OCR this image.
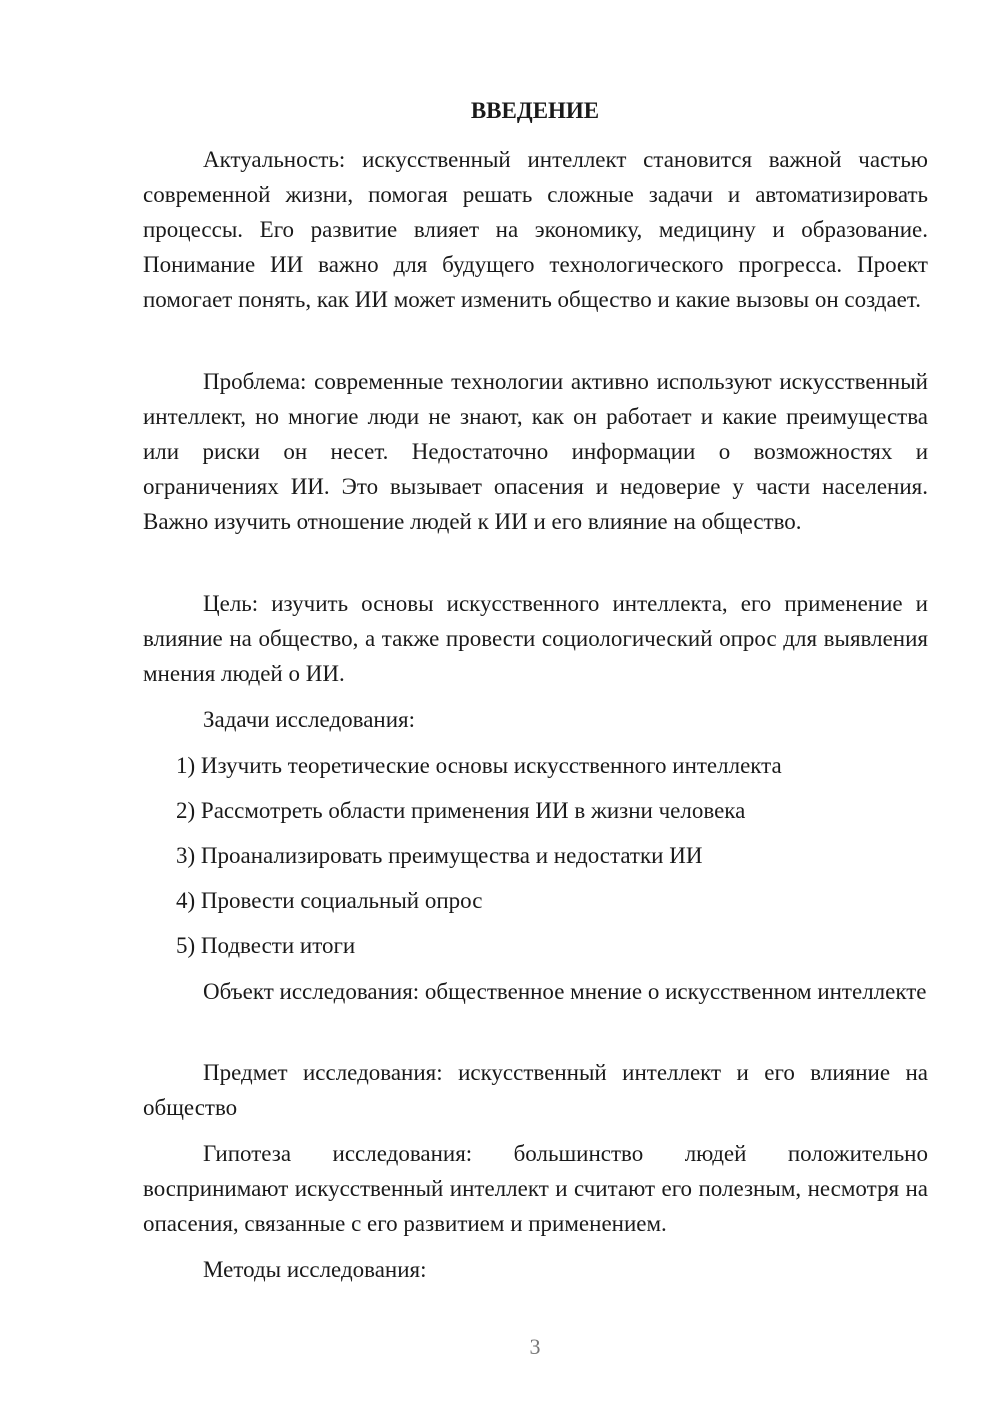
ВВЕДЕНИЕ

Актуальность: искусственный интеллект становится важной частью современной жизни, помогая решать сложные задачи и автоматизировать процессы. Его развитие влияет на экономику, медицину и образование. Понимание ИИ важно для будущего технологического прогресса. Проект помогает понять, как ИИ может изменить общество и какие вызовы он создает.

Проблема: современные технологии активно используют искусственный интеллект, но многие люди не знают, как он работает и какие преимущества или риски он несет. Недостаточно информации о возможностях и ограничениях ИИ. Это вызывает опасения и недоверие у части населения. Важно изучить отношение людей к ИИ и его влияние на общество.

Цель: изучить основы искусственного интеллекта, его применение и влияние на общество, а также провести социологический опрос для выявления мнения людей о ИИ.

Задачи исследования:

1) Изучить теоретические основы искусственного интеллекта

2) Рассмотреть области применения ИИ в жизни человека

3) Проанализировать преимущества и недостатки ИИ

4) Провести социальный опрос

5) Подвести итоги

Объект исследования: общественное мнение о искусственном интеллекте

Предмет исследования: искусственный интеллект и его влияние на общество

Гипотеза исследования: большинство людей положительно воспринимают искусственный интеллект и считают его полезным, несмотря на опасения, связанные с его развитием и применением.

Методы исследования:

3
